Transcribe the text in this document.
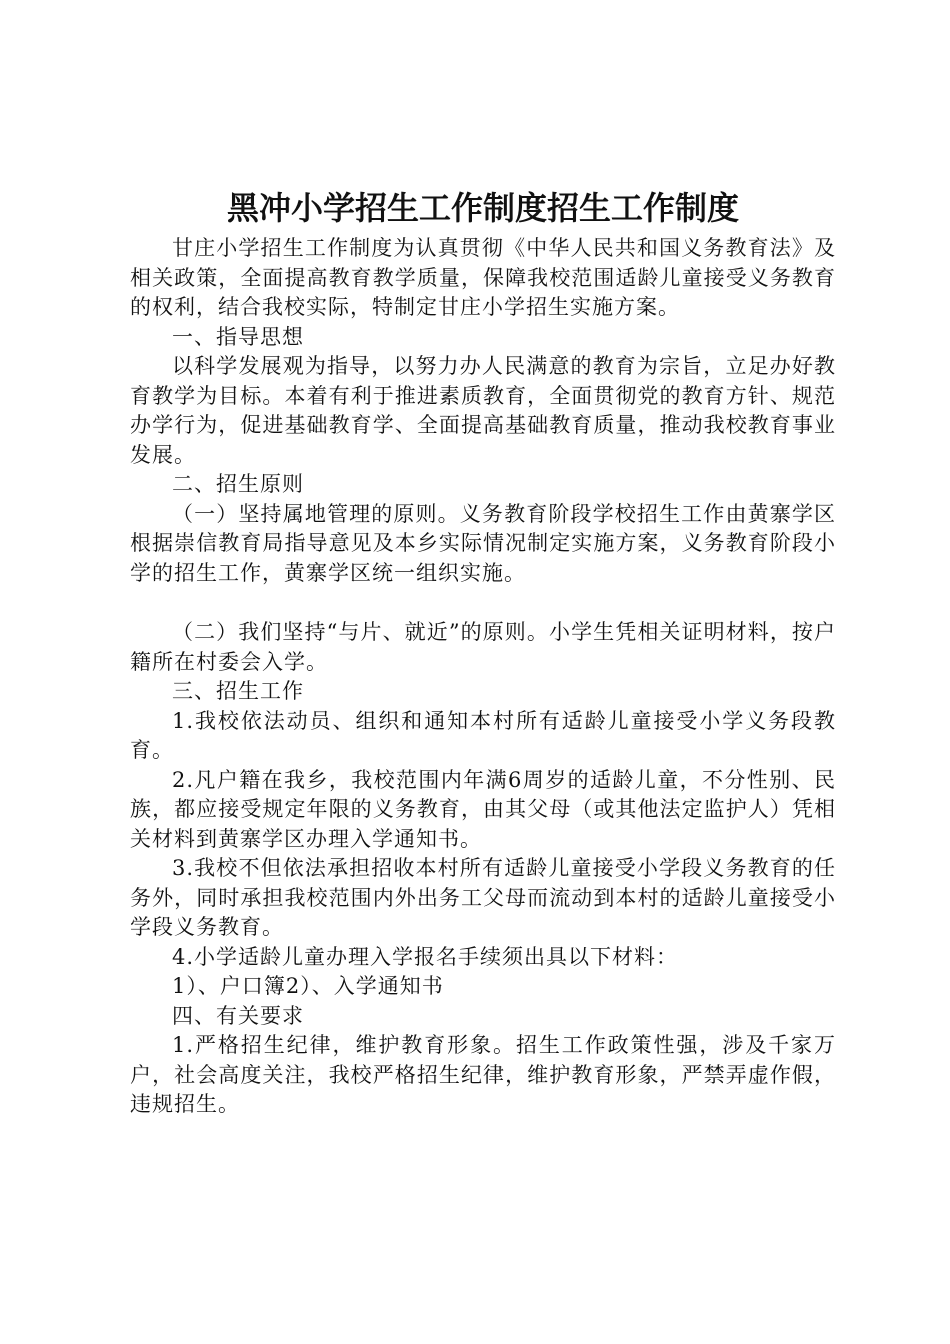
黑冲小学招生工作制度招生工作制度

甘庄小学招生工作制度为认真贯彻《中华人民共和国义务教育法》及相关政策，全面提高教育教学质量，保障我校范围适龄儿童接受义务教育的权利，结合我校实际，特制定甘庄小学招生实施方案。

一、指导思想

以科学发展观为指导，以努力办人民满意的教育为宗旨，立足办好教育教学为目标。本着有利于推进素质教育，全面贯彻党的教育方针、规范办学行为，促进基础教育学、全面提高基础教育质量，推动我校教育事业发展。

二、招生原则

（一）坚持属地管理的原则。义务教育阶段学校招生工作由黄寨学区根据崇信教育局指导意见及本乡实际情况制定实施方案，义务教育阶段小学的招生工作，黄寨学区统一组织实施。

（二）我们坚持“与片、就近”的原则。小学生凭相关证明材料，按户籍所在村委会入学。

三、招生工作

1.我校依法动员、组织和通知本村所有适龄儿童接受小学义务段教育。

2.凡户籍在我乡，我校范围内年满6周岁的适龄儿童，不分性别、民族，都应接受规定年限的义务教育，由其父母（或其他法定监护人）凭相关材料到黄寨学区办理入学通知书。

3.我校不但依法承担招收本村所有适龄儿童接受小学段义务教育的任务外，同时承担我校范围内外出务工父母而流动到本村的适龄儿童接受小学段义务教育。

4.小学适龄儿童办理入学报名手续须出具以下材料：

1）、户口簿2）、入学通知书

四、有关要求

1.严格招生纪律，维护教育形象。招生工作政策性强，涉及千家万户，社会高度关注，我校严格招生纪律，维护教育形象，严禁弄虚作假，违规招生。
